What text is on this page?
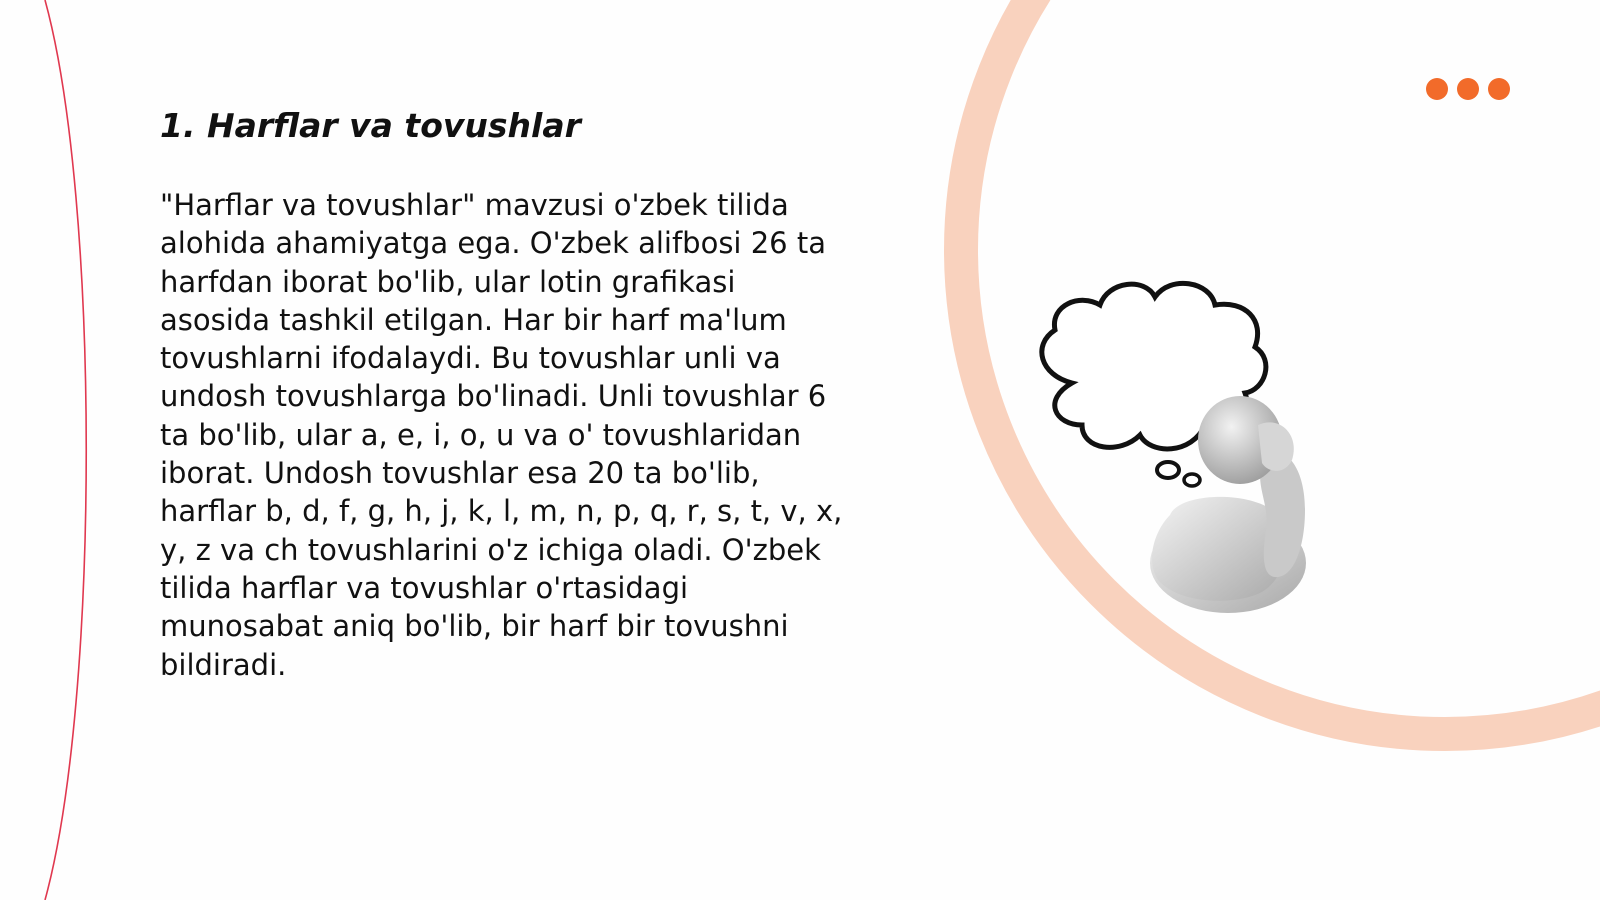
1. Harflar va tovushlar

"Harflar va tovushlar" mavzusi o'zbek tilida alohida ahamiyatga ega. O'zbek alifbosi 26 ta harfdan iborat bo'lib, ular lotin grafikasi asosida tashkil etilgan. Har bir harf ma'lum tovushlarni ifodalaydi. Bu tovushlar unli va undosh tovushlarga bo'linadi. Unli tovushlar 6 ta bo'lib, ular a, e, i, o, u va o' tovushlaridan iborat. Undosh tovushlar esa 20 ta bo'lib, harflar b, d, f, g, h, j, k, l, m, n, p, q, r, s, t, v, x, y, z va ch tovushlarini o'z ichiga oladi. O'zbek tilida harflar va tovushlar o'rtasidagi munosabat aniq bo'lib, bir harf bir tovushni bildiradi.
